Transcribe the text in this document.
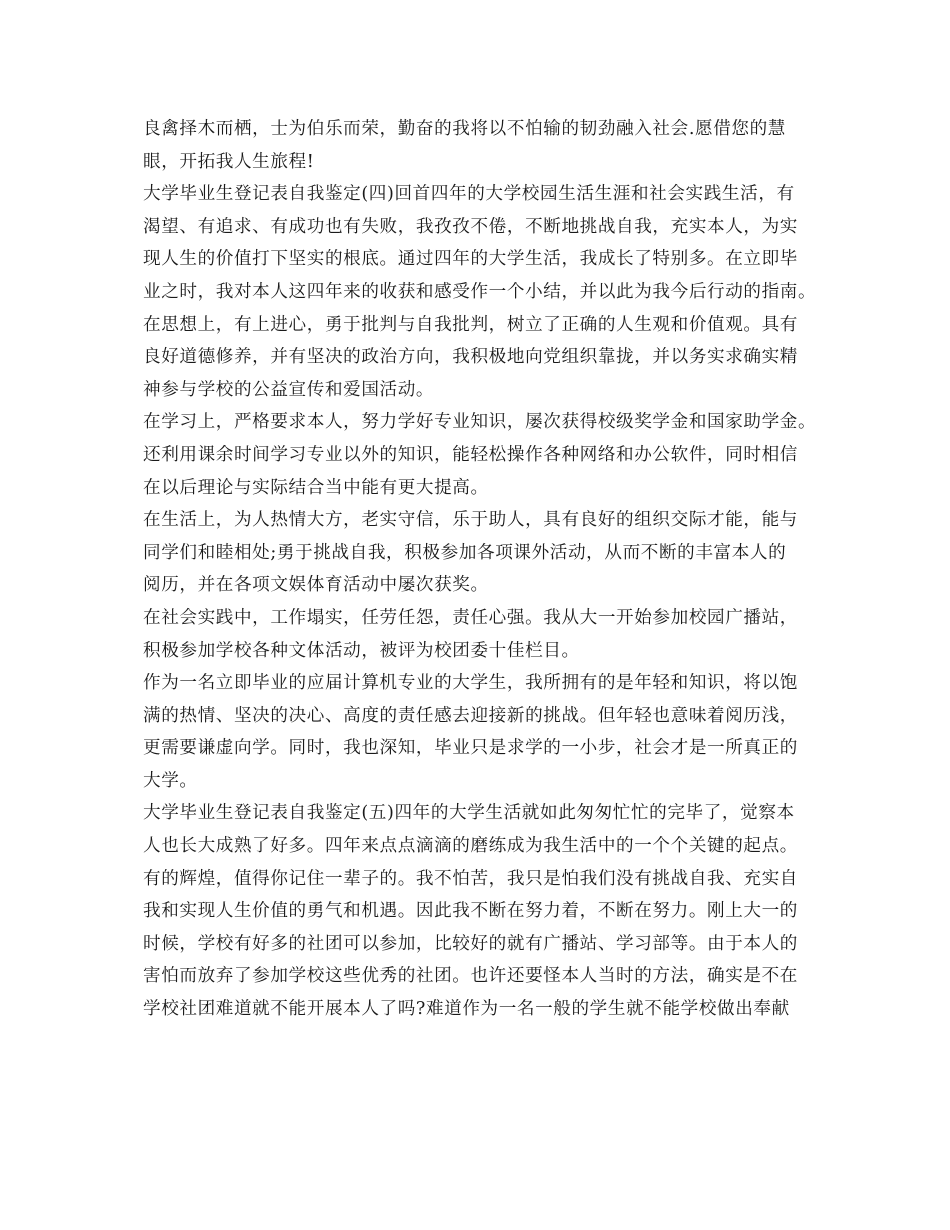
良禽择木而栖，士为伯乐而荣，勤奋的我将以不怕输的韧劲融入社会.愿借您的慧
眼，开拓我人生旅程!
大学毕业生登记表自我鉴定(四)回首四年的大学校园生活生涯和社会实践生活，有
渴望、有追求、有成功也有失败，我孜孜不倦，不断地挑战自我，充实本人，为实
现人生的价值打下坚实的根底。通过四年的大学生活，我成长了特别多。在立即毕
业之时，我对本人这四年来的收获和感受作一个小结，并以此为我今后行动的指南。
在思想上，有上进心，勇于批判与自我批判，树立了正确的人生观和价值观。具有
良好道德修养，并有坚决的政治方向，我积极地向党组织靠拢，并以务实求确实精
神参与学校的公益宣传和爱国活动。
在学习上，严格要求本人，努力学好专业知识，屡次获得校级奖学金和国家助学金。
还利用课余时间学习专业以外的知识，能轻松操作各种网络和办公软件，同时相信
在以后理论与实际结合当中能有更大提高。
在生活上，为人热情大方，老实守信，乐于助人，具有良好的组织交际才能，能与
同学们和睦相处;勇于挑战自我，积极参加各项课外活动，从而不断的丰富本人的
阅历，并在各项文娱体育活动中屡次获奖。
在社会实践中，工作塌实，任劳任怨，责任心强。我从大一开始参加校园广播站，
积极参加学校各种文体活动，被评为校团委十佳栏目。
作为一名立即毕业的应届计算机专业的大学生，我所拥有的是年轻和知识，将以饱
满的热情、坚决的决心、高度的责任感去迎接新的挑战。但年轻也意味着阅历浅，
更需要谦虚向学。同时，我也深知，毕业只是求学的一小步，社会才是一所真正的
大学。
大学毕业生登记表自我鉴定(五)四年的大学生活就如此匆匆忙忙的完毕了，觉察本
人也长大成熟了好多。四年来点点滴滴的磨练成为我生活中的一个个关键的起点。
有的辉煌，值得你记住一辈子的。我不怕苦，我只是怕我们没有挑战自我、充实自
我和实现人生价值的勇气和机遇。因此我不断在努力着，不断在努力。刚上大一的
时候，学校有好多的社团可以参加，比较好的就有广播站、学习部等。由于本人的
害怕而放弃了参加学校这些优秀的社团。也许还要怪本人当时的方法，确实是不在
学校社团难道就不能开展本人了吗?难道作为一名一般的学生就不能学校做出奉献
